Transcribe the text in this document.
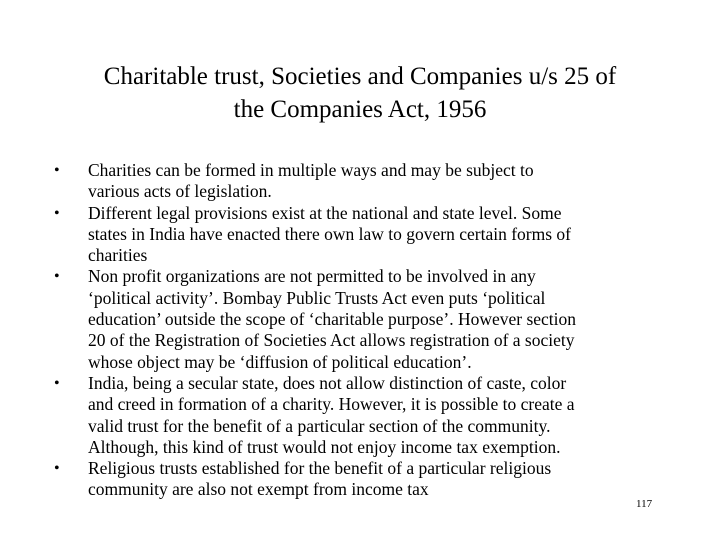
Charitable trust, Societies and Companies u/s 25 of
the Companies Act, 1956
• Charities can be formed in multiple ways and may be subject to
various acts of legislation.
• Different legal provisions exist at the national and state level. Some
states in India have enacted there own law to govern certain forms of
charities
• Non profit organizations are not permitted to be involved in any
‘political activity’. Bombay Public Trusts Act even puts ‘political
education’ outside the scope of ‘charitable purpose’. However section
20 of the Registration of Societies Act allows registration of a society
whose object may be ‘diffusion of political education’.
• India, being a secular state, does not allow distinction of caste, color
and creed in formation of a charity. However, it is possible to create a
valid trust for the benefit of a particular section of the community.
Although, this kind of trust would not enjoy income tax exemption.
• Religious trusts established for the benefit of a particular religious
community are also not exempt from income tax
117
